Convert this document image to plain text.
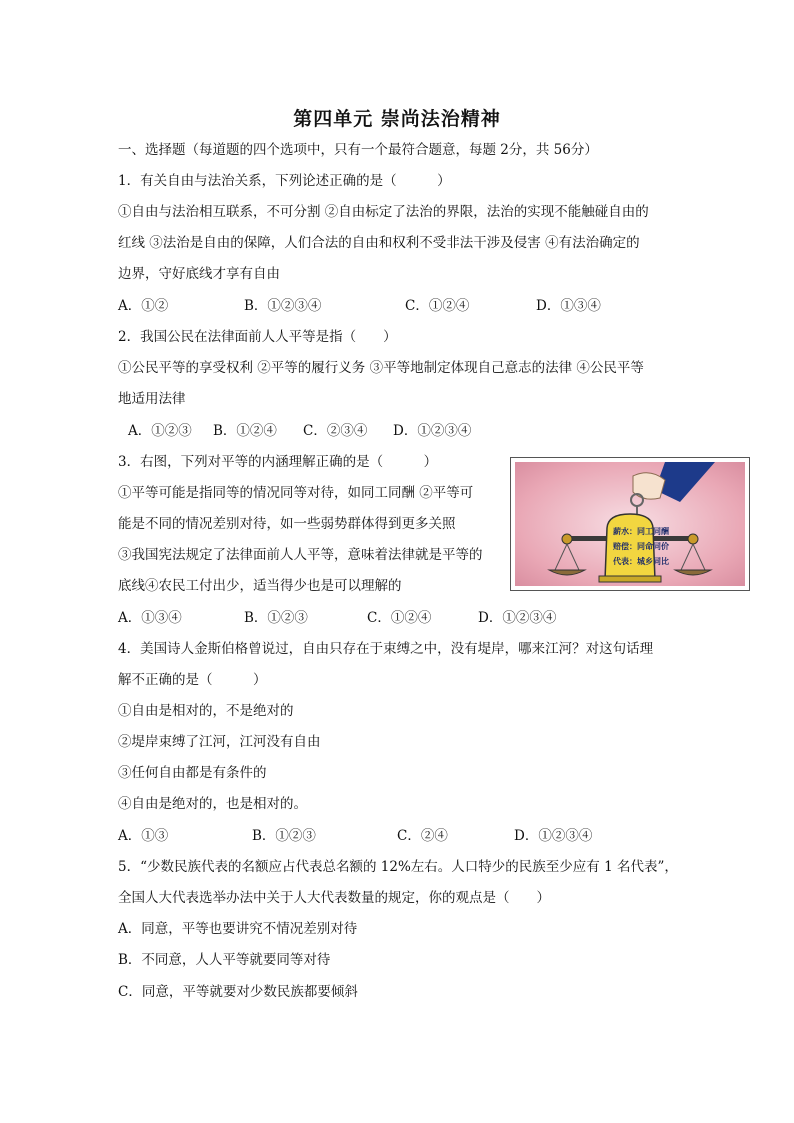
第四单元 崇尚法治精神
一、选择题（每道题的四个选项中，只有一个最符合题意，每题 2分，共 56分）
1．有关自由与法治关系，下列论述正确的是（　　　）
①自由与法治相互联系，不可分割 ②自由标定了法治的界限，法治的实现不能触碰自由的
红线 ③法治是自由的保障，人们合法的自由和权利不受非法干涉及侵害 ④有法治确定的
边界，守好底线才享有自由
A．①②	B．①②③④	C．①②④	D．①③④
2．我国公民在法律面前人人平等是指（　　）
①公民平等的享受权利 ②平等的履行义务 ③平等地制定体现自己意志的法律 ④公民平等
地适用法律
A．①②③ B．①②④ C．②③④ D．①②③④
3．右图，下列对平等的内涵理解正确的是（　　　）
①平等可能是指同等的情况同等对待，如同工同酬 ②平等可
能是不同的情况差别对待，如一些弱势群体得到更多关照
③我国宪法规定了法律面前人人平等，意味着法律就是平等的
底线④农民工付出少，适当得少也是可以理解的
A．①③④	B．①②③	C．①②④	D．①②③④
薪水：同工同酬
赔偿：同命同价
代表：城乡同比
4．美国诗人金斯伯格曾说过，自由只存在于束缚之中，没有堤岸，哪来江河？对这句话理
解不正确的是（　　　）
①自由是相对的，不是绝对的
②堤岸束缚了江河，江河没有自由
③任何自由都是有条件的
④自由是绝对的，也是相对的。
A．①③	B．①②③	C．②④	D．①②③④
5．“少数民族代表的名额应占代表总名额的 12%左右。人口特少的民族至少应有 1 名代表”，
全国人大代表选举办法中关于人大代表数量的规定，你的观点是（　　）
A．同意，平等也要讲究不情况差别对待
B．不同意，人人平等就要同等对待
C．同意，平等就要对少数民族都要倾斜
